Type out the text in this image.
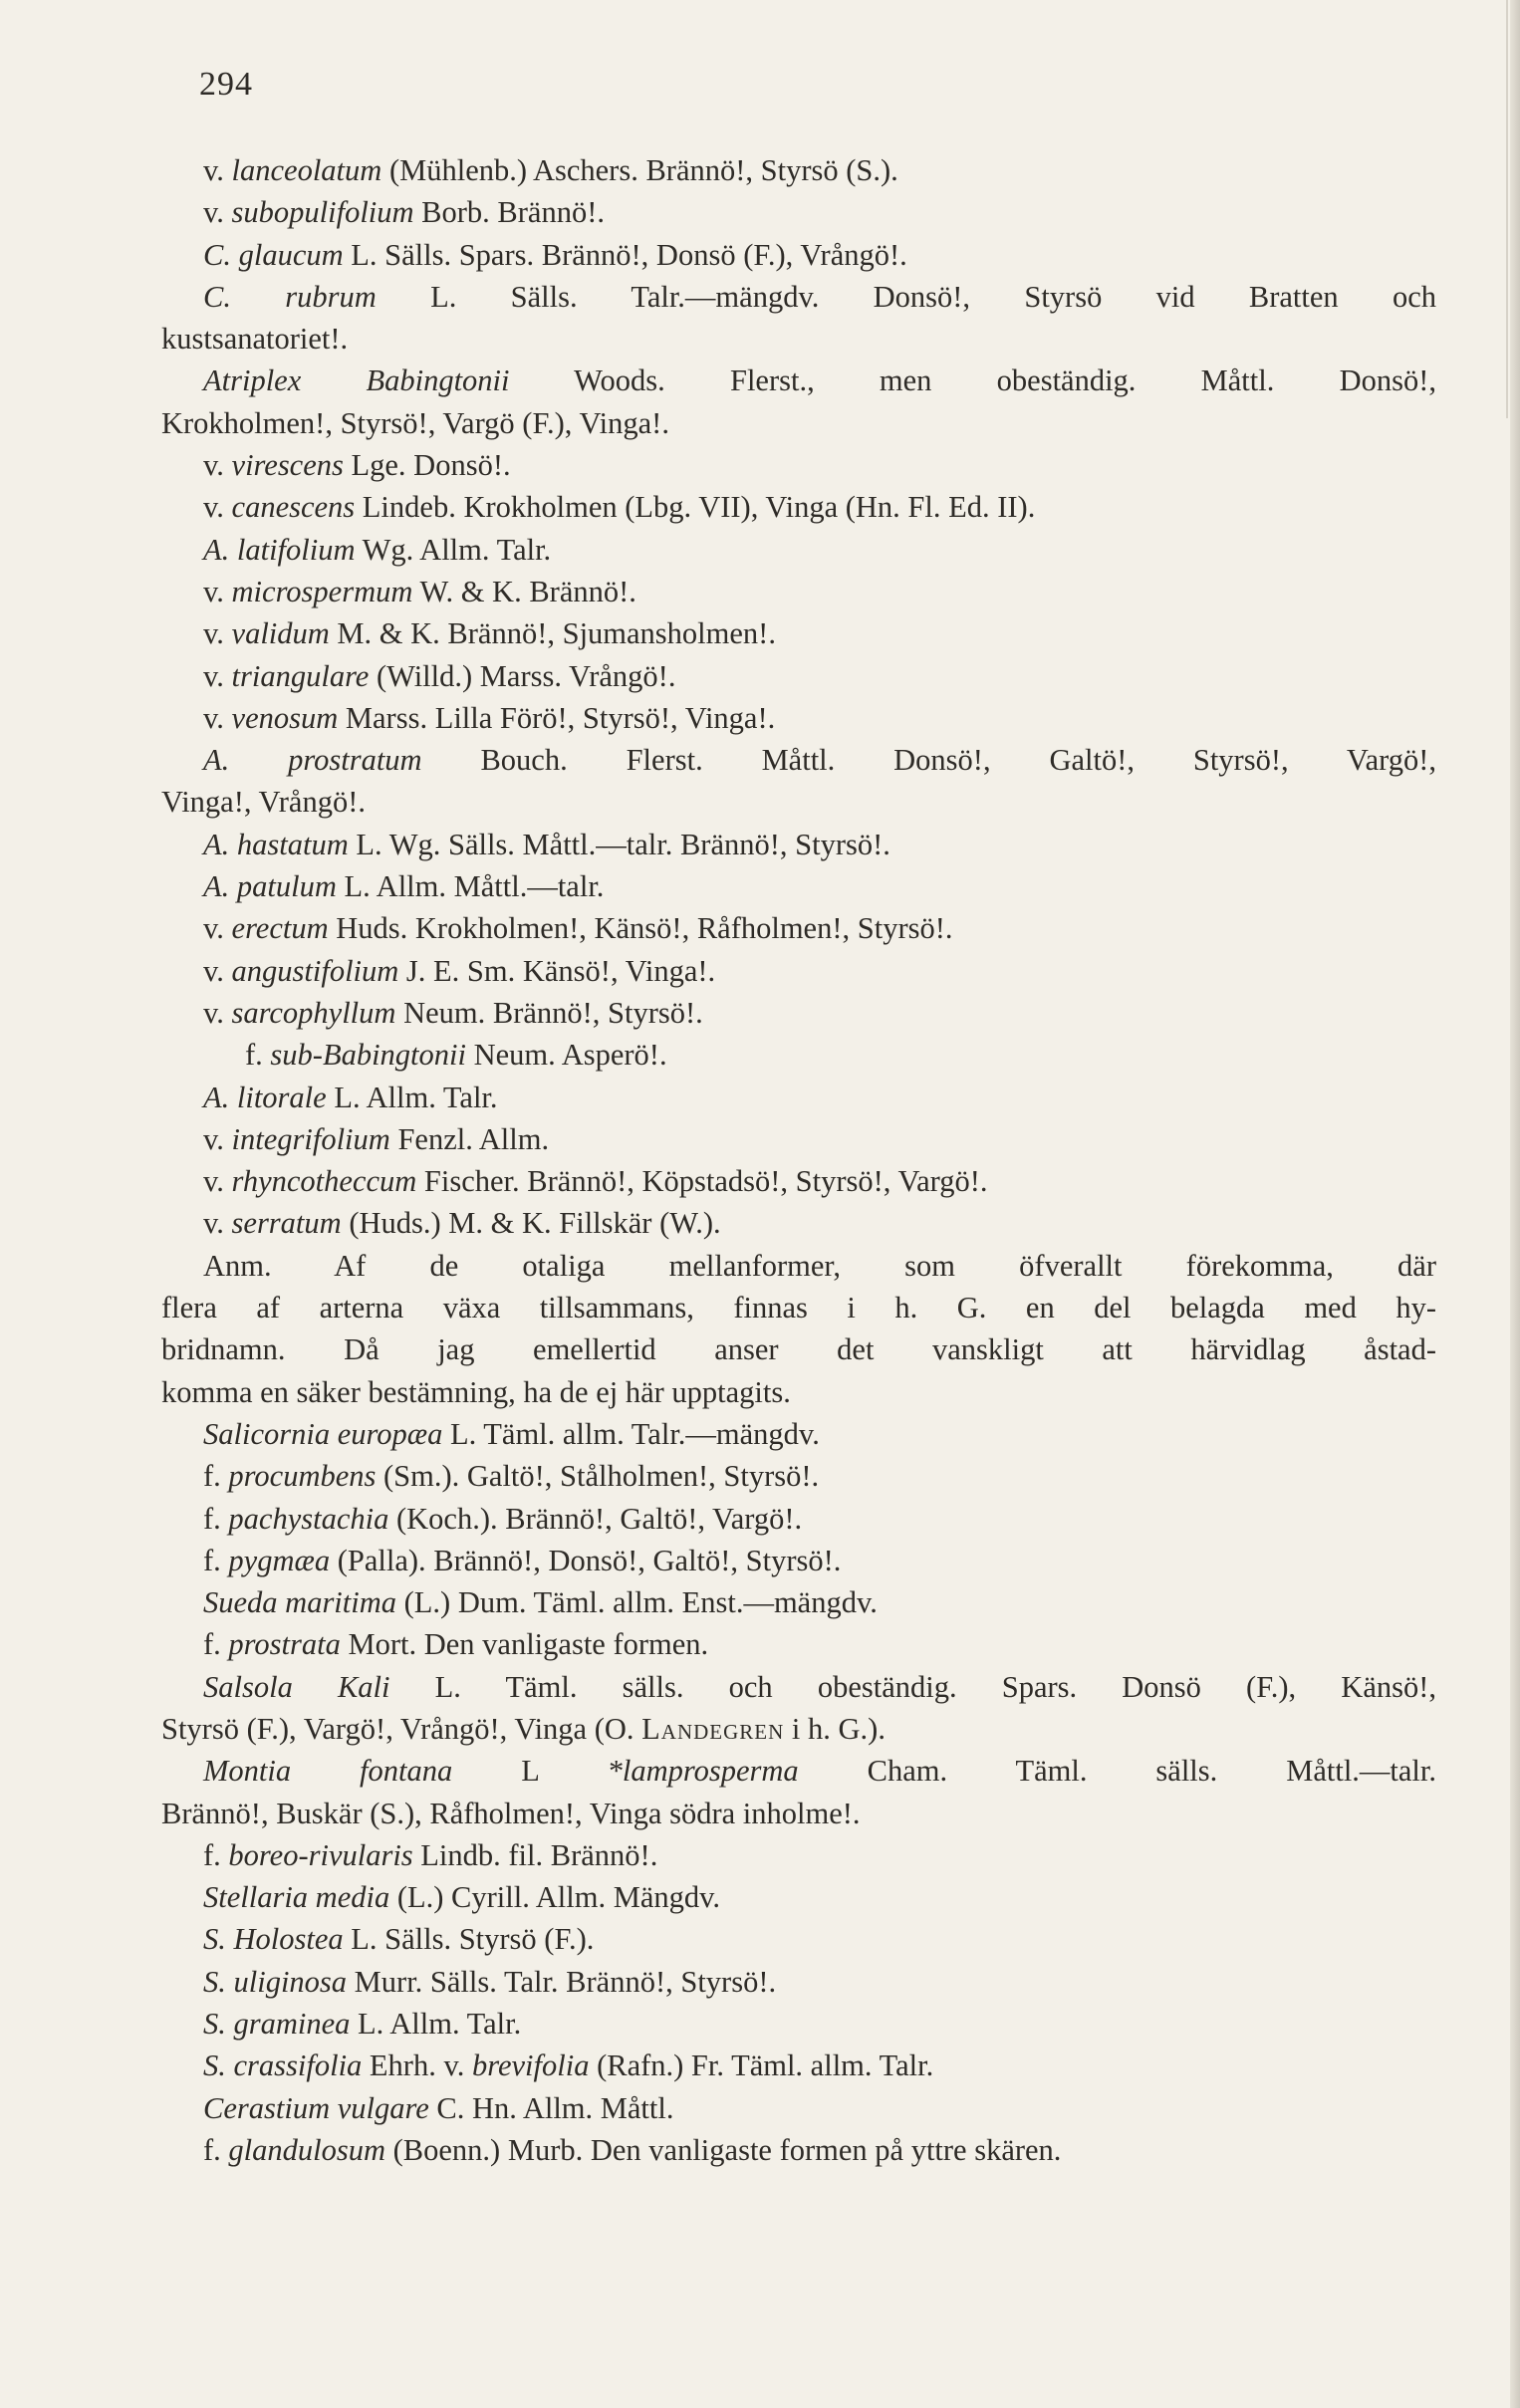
294
v. lanceolatum (Mühlenb.) Aschers. Brännö!, Styrsö (S.).
v. subopulifolium Borb. Brännö!.
C. glaucum L. Sälls. Spars. Brännö!, Donsö (F.), Vrångö!.
C. rubrum L. Sälls. Talr.—mängdv. Donsö!, Styrsö vid Bratten och
kustsanatoriet!.
Atriplex Babingtonii Woods. Flerst., men obeständig. Måttl. Donsö!,
Krokholmen!, Styrsö!, Vargö (F.), Vinga!.
v. virescens Lge. Donsö!.
v. canescens Lindeb. Krokholmen (Lbg. VII), Vinga (Hn. Fl. Ed. II).
A. latifolium Wg. Allm. Talr.
v. microspermum W. & K. Brännö!.
v. validum M. & K. Brännö!, Sjumansholmen!.
v. triangulare (Willd.) Marss. Vrångö!.
v. venosum Marss. Lilla Förö!, Styrsö!, Vinga!.
A. prostratum Bouch. Flerst. Måttl. Donsö!, Galtö!, Styrsö!, Vargö!,
Vinga!, Vrångö!.
A. hastatum L. Wg. Sälls. Måttl.—talr. Brännö!, Styrsö!.
A. patulum L. Allm. Måttl.—talr.
v. erectum Huds. Krokholmen!, Känsö!, Råfholmen!, Styrsö!.
v. angustifolium J. E. Sm. Känsö!, Vinga!.
v. sarcophyllum Neum. Brännö!, Styrsö!.
f. sub-Babingtonii Neum. Asperö!.
A. litorale L. Allm. Talr.
v. integrifolium Fenzl. Allm.
v. rhyncotheccum Fischer. Brännö!, Köpstadsö!, Styrsö!, Vargö!.
v. serratum (Huds.) M. & K. Fillskär (W.).
Anm. Af de otaliga mellanformer, som öfverallt förekomma, där
flera af arterna växa tillsammans, finnas i h. G. en del belagda med hy-
bridnamn. Då jag emellertid anser det vanskligt att härvidlag åstad-
komma en säker bestämning, ha de ej här upptagits.
Salicornia europæa L. Täml. allm. Talr.—mängdv.
f. procumbens (Sm.). Galtö!, Stålholmen!, Styrsö!.
f. pachystachia (Koch.). Brännö!, Galtö!, Vargö!.
f. pygmæa (Palla). Brännö!, Donsö!, Galtö!, Styrsö!.
Sueda maritima (L.) Dum. Täml. allm. Enst.—mängdv.
f. prostrata Mort. Den vanligaste formen.
Salsola Kali L. Täml. sälls. och obeständig. Spars. Donsö (F.), Känsö!,
Styrsö (F.), Vargö!, Vrångö!, Vinga (O. Landegren i h. G.).
Montia fontana L *lamprosperma Cham. Täml. sälls. Måttl.—talr.
Brännö!, Buskär (S.), Råfholmen!, Vinga södra inholme!.
f. boreo-rivularis Lindb. fil. Brännö!.
Stellaria media (L.) Cyrill. Allm. Mängdv.
S. Holostea L. Sälls. Styrsö (F.).
S. uliginosa Murr. Sälls. Talr. Brännö!, Styrsö!.
S. graminea L. Allm. Talr.
S. crassifolia Ehrh. v. brevifolia (Rafn.) Fr. Täml. allm. Talr.
Cerastium vulgare C. Hn. Allm. Måttl.
f. glandulosum (Boenn.) Murb. Den vanligaste formen på yttre skären.
